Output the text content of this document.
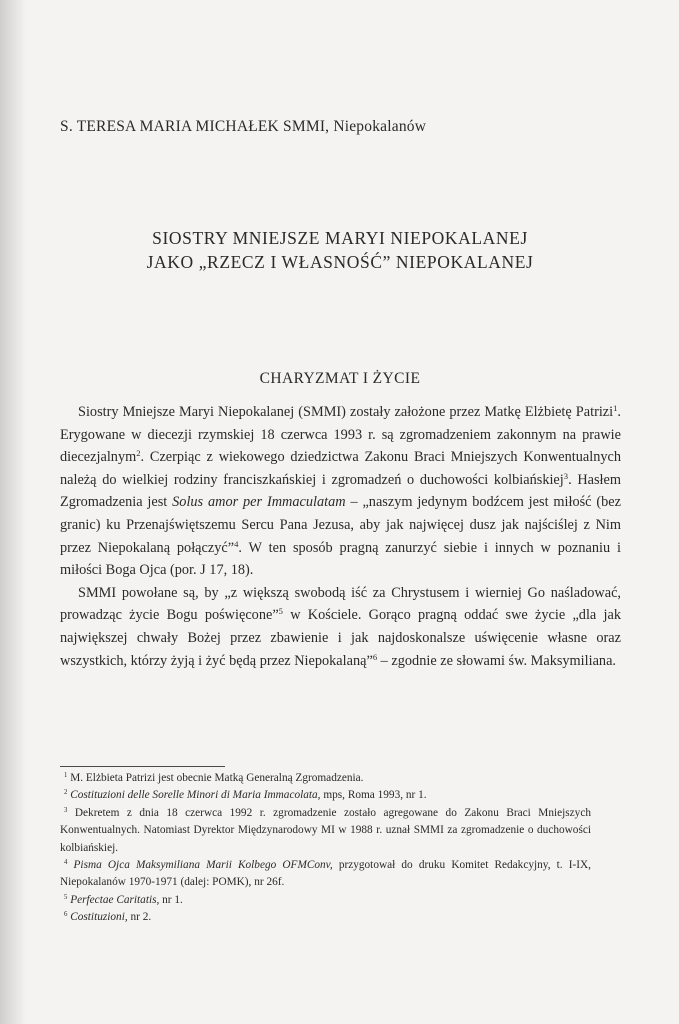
S. TERESA MARIA MICHAŁEK SMMI, Niepokalanów
SIOSTRY MNIEJSZE MARYI NIEPOKALANEJ
JAKO „RZECZ I WŁASNOŚĆ” NIEPOKALANEJ
CHARYZMAT I ŻYCIE

Siostry Mniejsze Maryi Niepokalanej (SMMI) zostały założone przez Matkę Elżbietę Patrizi$^1$. Erygowane w diecezji rzymskiej 18 czerwca 1993 r. są zgromadzeniem zakonnym na prawie diecezjalnym$^2$. Czerpiąc z wiekowego dziedzictwa Zakonu Braci Mniejszych Konwentualnych należą do wielkiej rodziny franciszkańskiej i zgromadzeń o duchowości kolbiańskiej$^3$. Hasłem Zgromadzenia jest Solus amor per Immaculatam – „naszym jedynym bodźcem jest miłość (bez granic) ku Przenajświętszemu Sercu Pana Jezusa, aby jak najwięcej dusz jak najściślej z Nim przez Niepokalaną połączyć”$^4$. W ten sposób pragną zanurzyć siebie i innych w poznaniu i miłości Boga Ojca (por. J 17, 18).

SMMI powołane są, by „z większą swobodą iść za Chrystusem i wierniej Go naśladować, prowadząc życie Bogu poświęcone”$^5$ w Kościele. Gorąco pragną oddać swe życie „dla jak największej chwały Bożej przez zbawienie i jak najdoskonalsze uświęcenie własne oraz wszystkich, którzy żyją i żyć będą przez Niepokalaną”$^6$ – zgodnie ze słowami św. Maksymiliana.

$^1$ M. Elżbieta Patrizi jest obecnie Matką Generalną Zgromadzenia.

$^2$ Costituzioni delle Sorelle Minori di Maria Immacolata, mps, Roma 1993, nr 1.

$^3$ Dekretem z dnia 18 czerwca 1992 r. zgromadzenie zostało agregowane do Zakonu Braci Mniejszych Konwentualnych. Natomiast Dyrektor Międzynarodowy MI w 1988 r. uznał SMMI za zgromadzenie o duchowości kolbiańskiej.

$^4$ Pisma Ojca Maksymiliana Marii Kolbego OFMConv, przygotował do druku Komitet Redakcyjny, t. I-IX, Niepokalanów 1970-1971 (dalej: POMK), nr 26f.

$^5$ Perfectae Caritatis, nr 1.

$^6$ Costituzioni, nr 2.
